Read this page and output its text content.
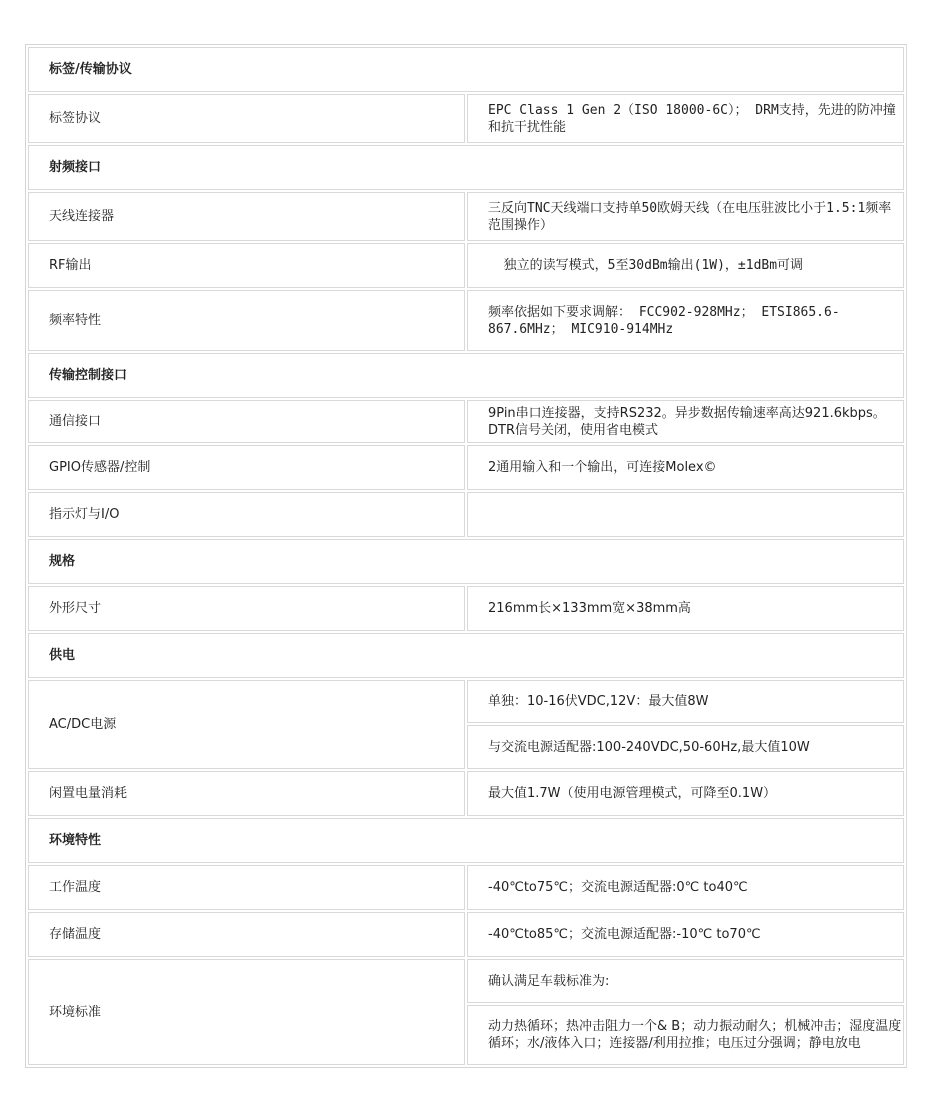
标签/传输协议	
标签协议	EPC Class 1 Gen 2（ISO 18000-6C）； DRM支持，先进的防冲撞和抗干扰性能
射频接口	
天线连接器	三反向TNC天线端口支持单50欧姆天线（在电压驻波比小于1.5:1频率范围操作）
RF输出	独立的读写模式，5至30dBm输出(1W)，±1dBm可调
频率特性	频率依据如下要求调解： FCC902-928MHz； ETSI865.6-867.6MHz； MIC910-914MHz
传输控制接口	
通信接口	9Pin串口连接器，支持RS232。异步数据传输速率高达921.6kbps。 DTR信号关闭，使用省电模式
GPIO传感器/控制	2通用输入和一个输出，可连接Molex©
指示灯与I/O	
规格	
外形尺寸	216mm长×133mm宽×38mm高
供电	
AC/DC电源	单独：10-16伏VDC,12V：最大值8W
	与交流电源适配器:100-240VDC,50-60Hz,最大值10W
闲置电量消耗	最大值1.7W（使用电源管理模式，可降至0.1W）
环境特性	
工作温度	-40℃to75℃；交流电源适配器:0℃ to40℃
存储温度	-40℃to85℃；交流电源适配器:-10℃ to70℃
环境标准	确认满足车载标准为:
	动力热循环；热冲击阻力一个& B；动力振动耐久；机械冲击；湿度温度循环；水/液体入口；连接器/利用拉推；电压过分强调；静电放电
